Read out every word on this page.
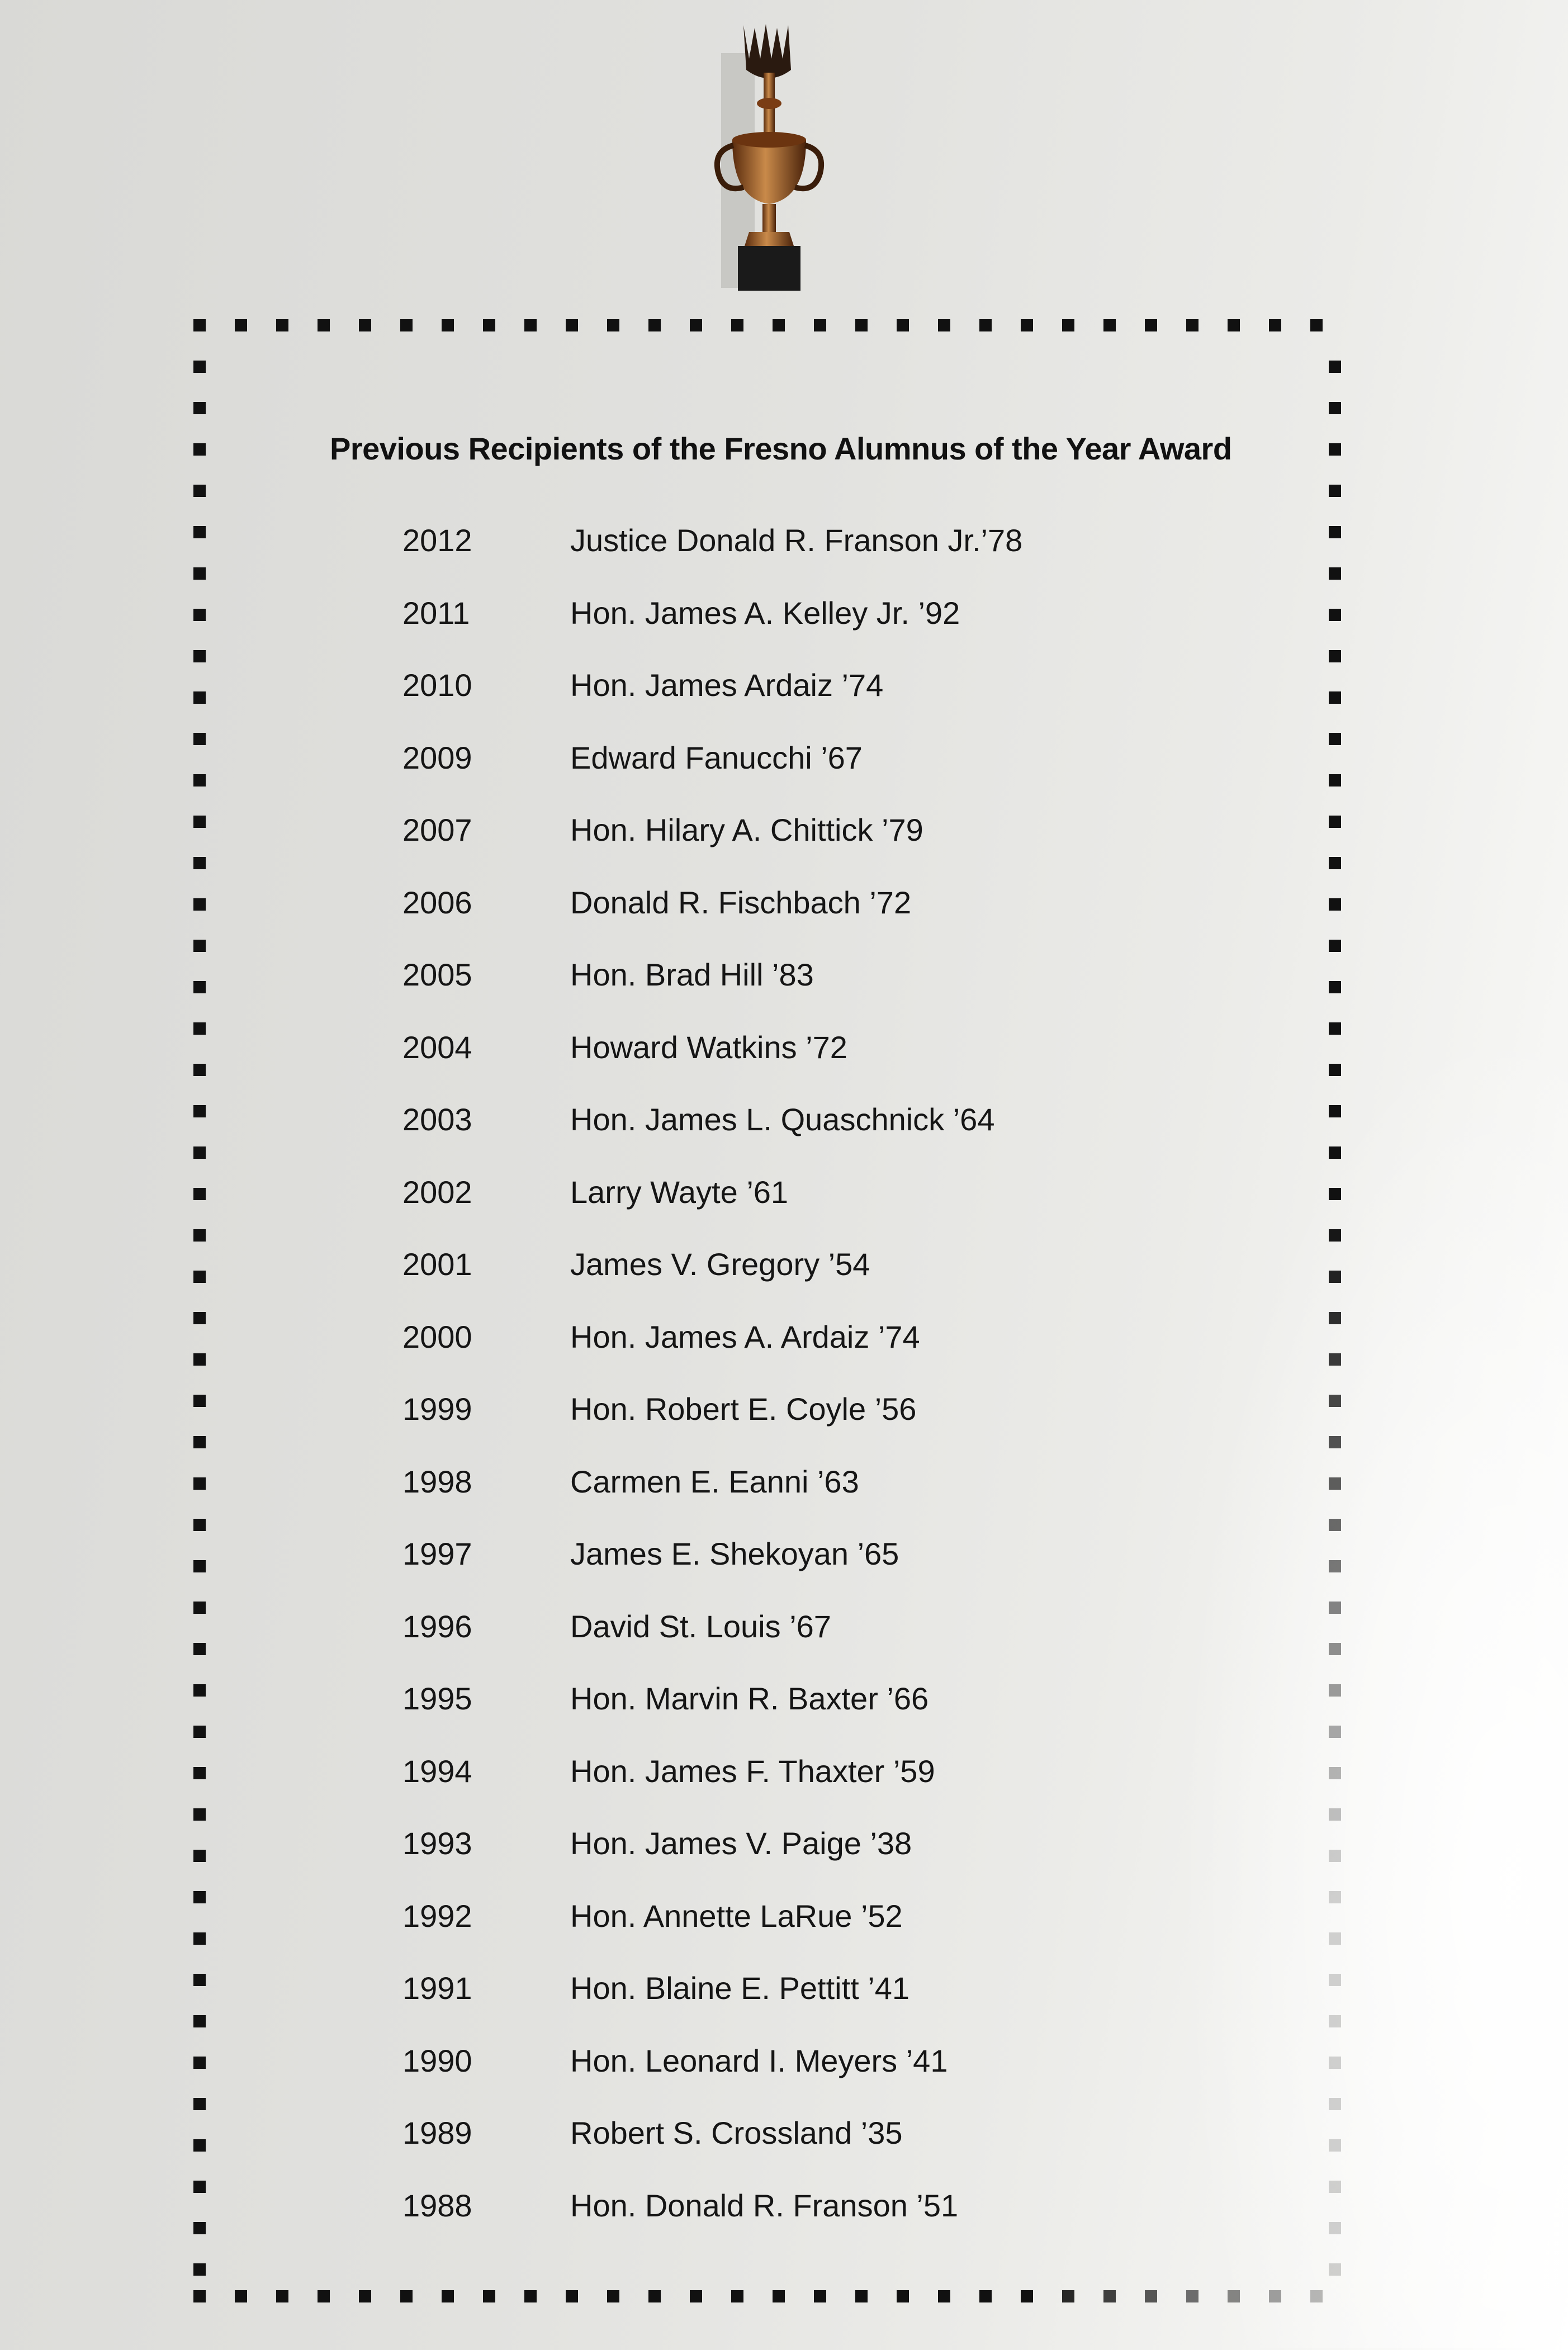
Previous Recipients of the Fresno Alumnus of the Year Award
2012	Justice Donald R. Franson Jr.’78
2011	Hon. James A. Kelley Jr. ’92
2010	Hon. James Ardaiz ’74
2009	Edward Fanucchi ’67
2007	Hon. Hilary A. Chittick ’79
2006	Donald R. Fischbach ’72
2005	Hon. Brad Hill ’83
2004	Howard Watkins ’72
2003	Hon. James L. Quaschnick ’64
2002	Larry Wayte ’61
2001	James V. Gregory ’54
2000	Hon. James A. Ardaiz ’74
1999	Hon. Robert E. Coyle ’56
1998	Carmen E. Eanni ’63
1997	James E. Shekoyan ’65
1996	David St. Louis ’67
1995	Hon. Marvin R. Baxter ’66
1994	Hon. James F. Thaxter ’59
1993	Hon. James V. Paige ’38
1992	Hon. Annette LaRue ’52
1991	Hon. Blaine E. Pettitt ’41
1990	Hon. Leonard I. Meyers ’41
1989	Robert S. Crossland ’35
1988	Hon. Donald R. Franson ’51
